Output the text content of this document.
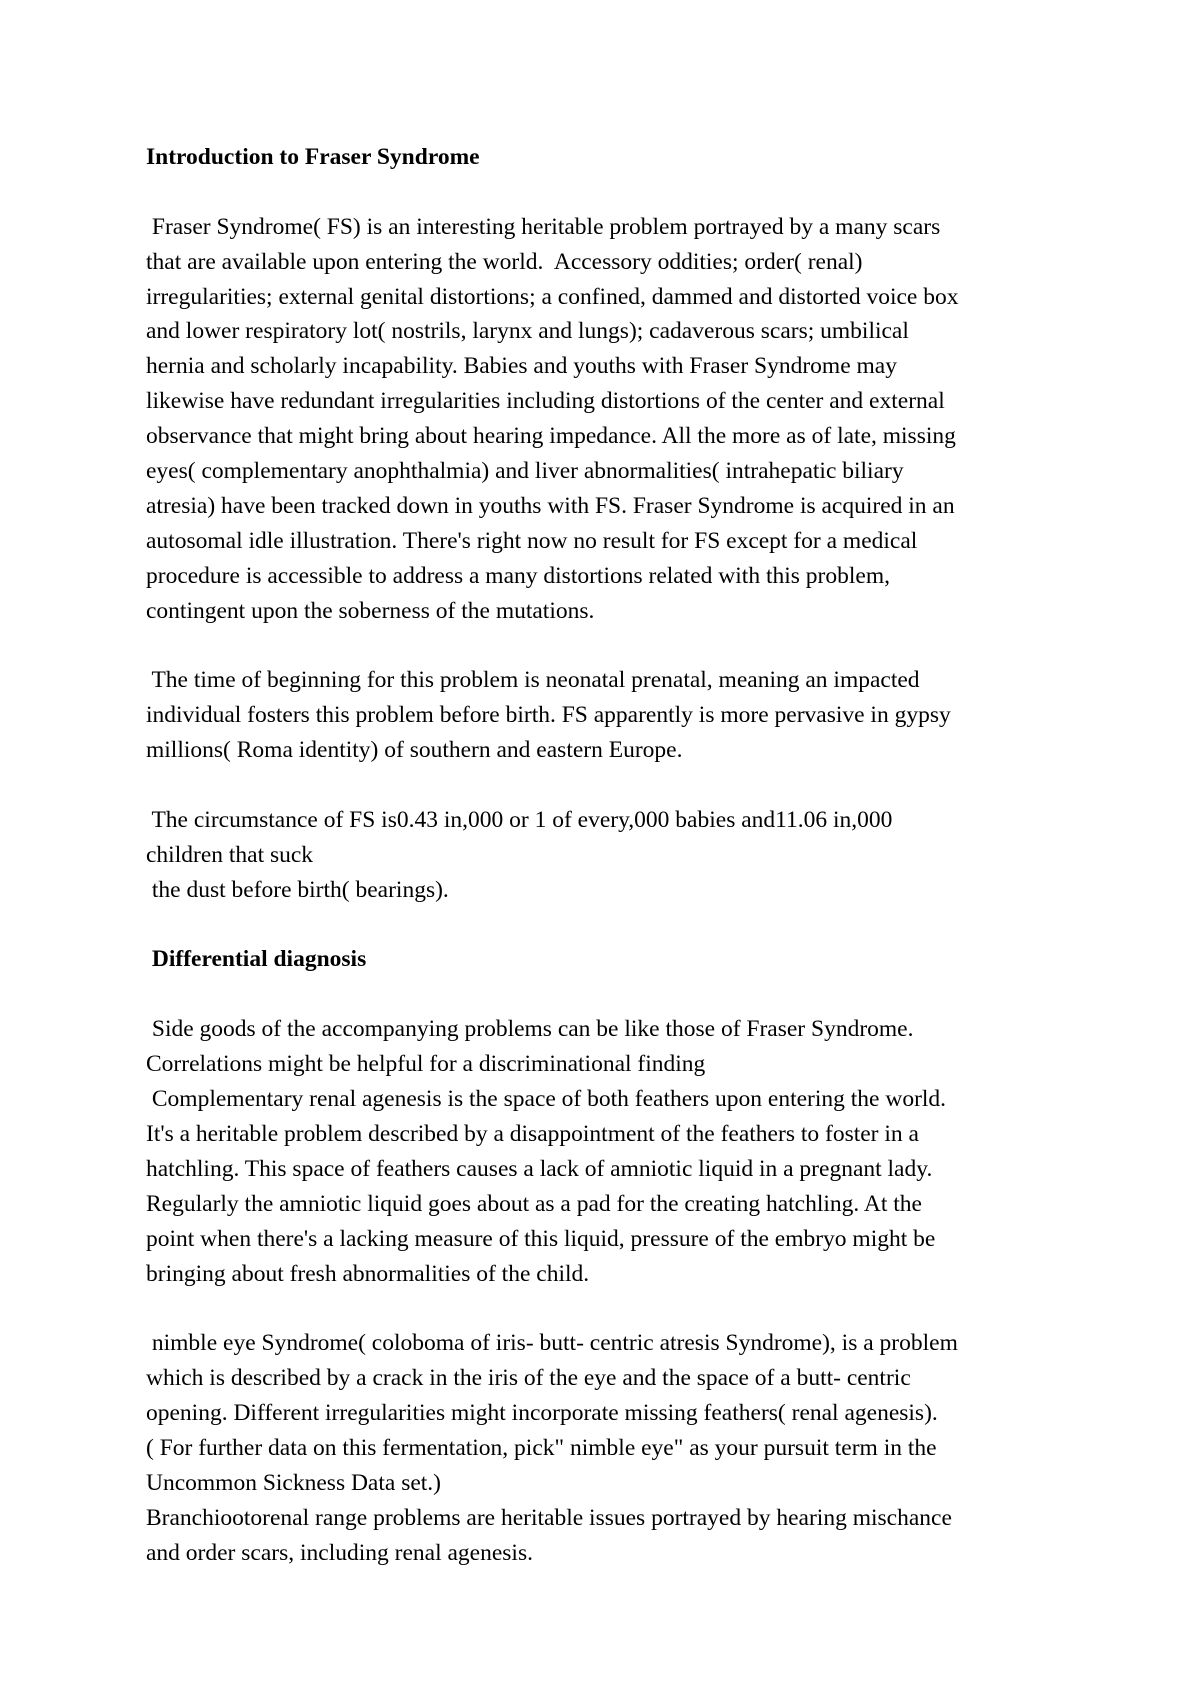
Introduction to Fraser Syndrome
Fraser Syndrome( FS) is an interesting heritable problem portrayed by a many scars
that are available upon entering the world.  Accessory oddities; order( renal)
irregularities; external genital distortions; a confined, dammed and distorted voice box
and lower respiratory lot( nostrils, larynx and lungs); cadaverous scars; umbilical
hernia and scholarly incapability. Babies and youths with Fraser Syndrome may
likewise have redundant irregularities including distortions of the center and external
observance that might bring about hearing impedance. All the more as of late, missing
eyes( complementary anophthalmia) and liver abnormalities( intrahepatic biliary
atresia) have been tracked down in youths with FS. Fraser Syndrome is acquired in an
autosomal idle illustration. There's right now no result for FS except for a medical
procedure is accessible to address a many distortions related with this problem,
contingent upon the soberness of the mutations.
The time of beginning for this problem is neonatal prenatal, meaning an impacted
individual fosters this problem before birth. FS apparently is more pervasive in gypsy
millions( Roma identity) of southern and eastern Europe.
The circumstance of FS is0.43 in,000 or 1 of every,000 babies and11.06 in,000
children that suck
the dust before birth( bearings).
Differential diagnosis
Side goods of the accompanying problems can be like those of Fraser Syndrome.
Correlations might be helpful for a discriminational finding
Complementary renal agenesis is the space of both feathers upon entering the world.
It's a heritable problem described by a disappointment of the feathers to foster in a
hatchling. This space of feathers causes a lack of amniotic liquid in a pregnant lady.
Regularly the amniotic liquid goes about as a pad for the creating hatchling. At the
point when there's a lacking measure of this liquid, pressure of the embryo might be
bringing about fresh abnormalities of the child.
nimble eye Syndrome( coloboma of iris- butt- centric atresis Syndrome), is a problem
which is described by a crack in the iris of the eye and the space of a butt- centric
opening. Different irregularities might incorporate missing feathers( renal agenesis).
( For further data on this fermentation, pick" nimble eye" as your pursuit term in the
Uncommon Sickness Data set.)
Branchiootorenal range problems are heritable issues portrayed by hearing mischance
and order scars, including renal agenesis.
